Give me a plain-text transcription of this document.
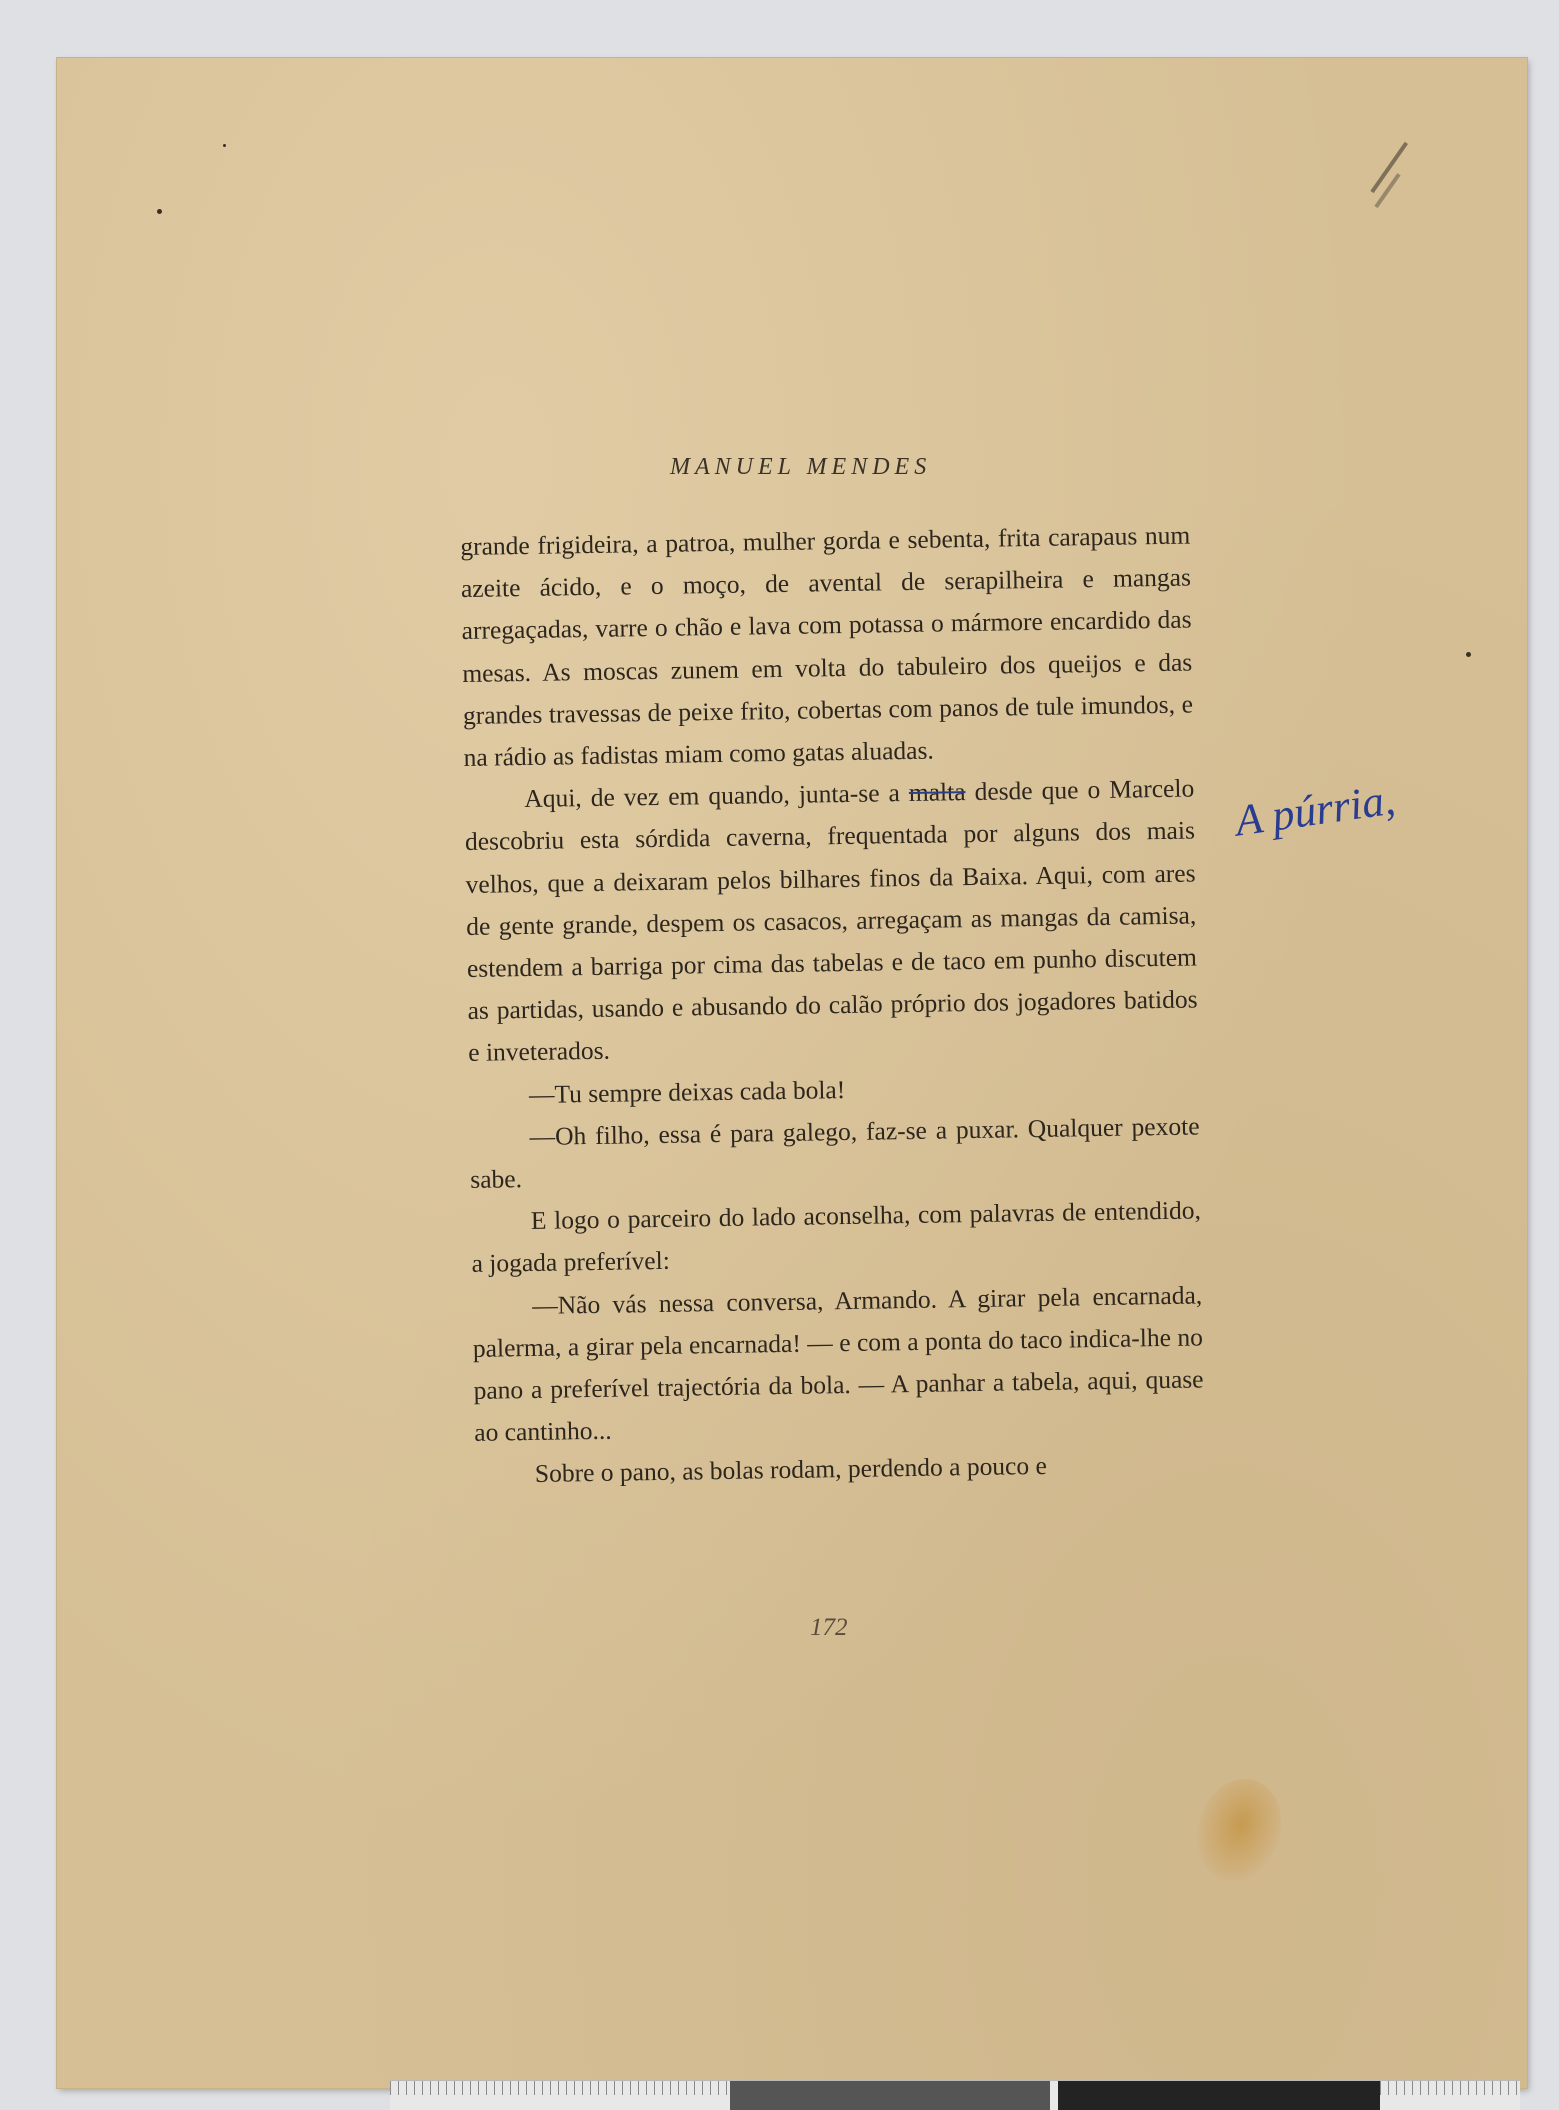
MANUEL MENDES

grande frigideira, a patroa, mulher gorda e sebenta, frita carapaus num azeite ácido, e o moço, de avental de serapilheira e mangas arregaçadas, varre o chão e lava com potassa o mármore encardido das mesas. As moscas zunem em volta do tabuleiro dos queijos e das grandes travessas de peixe frito, cobertas com panos de tule imundos, e na rádio as fadistas miam como gatas aluadas.

Aqui, de vez em quando, junta-se a malta desde que o Marcelo descobriu esta sórdida caverna, frequentada por alguns dos mais velhos, que a deixaram pelos bilhares finos da Baixa. Aqui, com ares de gente grande, despem os casacos, arregaçam as mangas da camisa, estendem a barriga por cima das tabelas e de taco em punho discutem as partidas, usando e abusando do calão próprio dos jogadores batidos e inveterados.

—Tu sempre deixas cada bola!

—Oh filho, essa é para galego, faz-se a puxar. Qualquer pexote sabe.

E logo o parceiro do lado aconselha, com palavras de entendido, a jogada preferível:

—Não vás nessa conversa, Armando. A girar pela encarnada, palerma, a girar pela encarnada! — e com a ponta do taco indica-lhe no pano a preferível trajectória da bola. — A panhar a tabela, aqui, quase ao cantinho...

Sobre o pano, as bolas rodam, perdendo a pouco e

172
A púrria,
